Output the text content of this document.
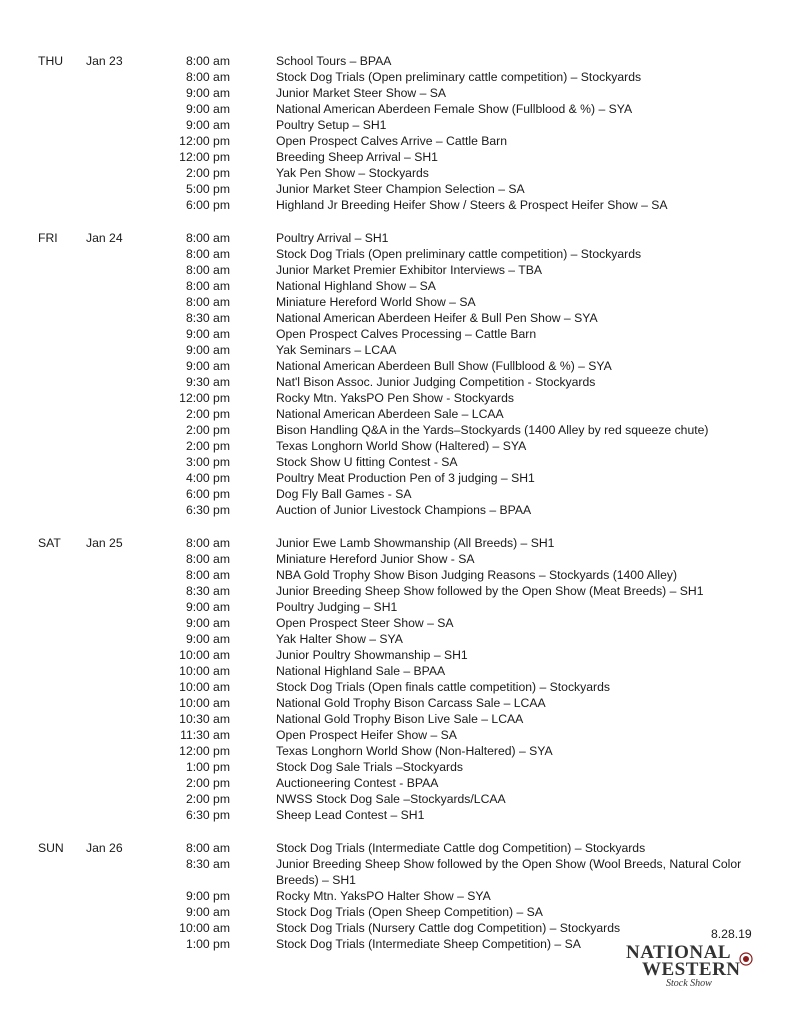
THU Jan 23	8:00 am	School Tours – BPAA
8:00 am	Stock Dog Trials (Open preliminary cattle competition) – Stockyards
9:00 am	Junior Market Steer Show – SA
9:00 am	National American Aberdeen Female Show (Fullblood & %) – SYA
9:00 am	Poultry Setup – SH1
12:00 pm	Open Prospect Calves Arrive – Cattle Barn
12:00 pm	Breeding Sheep Arrival – SH1
2:00 pm	Yak Pen Show – Stockyards
5:00 pm	Junior Market Steer Champion Selection – SA
6:00 pm	Highland Jr Breeding Heifer Show / Steers & Prospect Heifer Show – SA
FRI Jan 24	8:00 am	Poultry Arrival – SH1
8:00 am	Stock Dog Trials (Open preliminary cattle competition) – Stockyards
8:00 am	Junior Market Premier Exhibitor Interviews – TBA
8:00 am	National Highland Show – SA
8:00 am	Miniature Hereford World Show – SA
8:30 am	National American Aberdeen Heifer & Bull Pen Show – SYA
9:00 am	Open Prospect Calves Processing – Cattle Barn
9:00 am	Yak Seminars – LCAA
9:00 am	National American Aberdeen Bull Show (Fullblood & %) – SYA
9:30 am	Nat'l Bison Assoc. Junior Judging Competition - Stockyards
12:00 pm	Rocky Mtn. YaksPO Pen Show - Stockyards
2:00 pm	National American Aberdeen Sale – LCAA
2:00 pm	Bison Handling Q&A in the Yards–Stockyards (1400 Alley by red squeeze chute)
2:00 pm	Texas Longhorn World Show (Haltered) – SYA
3:00 pm	Stock Show U fitting Contest - SA
4:00 pm	Poultry Meat Production Pen of 3 judging – SH1
6:00 pm	Dog Fly Ball Games - SA
6:30 pm	Auction of Junior Livestock Champions – BPAA
SAT Jan 25	8:00 am	Junior Ewe Lamb Showmanship (All Breeds) – SH1
8:00 am	Miniature Hereford Junior Show - SA
8:00 am	NBA Gold Trophy Show Bison Judging Reasons – Stockyards (1400 Alley)
8:30 am	Junior Breeding Sheep Show followed by the Open Show (Meat Breeds) – SH1
9:00 am	Poultry Judging – SH1
9:00 am	Open Prospect Steer Show – SA
9:00 am	Yak Halter Show – SYA
10:00 am	Junior Poultry Showmanship – SH1
10:00 am	National Highland Sale – BPAA
10:00 am	Stock Dog Trials (Open finals cattle competition) – Stockyards
10:00 am	National Gold Trophy Bison Carcass Sale – LCAA
10:30 am	National Gold Trophy Bison Live Sale – LCAA
11:30 am	Open Prospect Heifer Show – SA
12:00 pm	Texas Longhorn World Show (Non-Haltered) – SYA
1:00 pm	Stock Dog Sale Trials –Stockyards
2:00 pm	Auctioneering Contest - BPAA
2:00 pm	NWSS Stock Dog Sale –Stockyards/LCAA
6:30 pm	Sheep Lead Contest – SH1
SUN Jan 26	8:00 am	Stock Dog Trials (Intermediate Cattle dog Competition) – Stockyards
8:30 am	Junior Breeding Sheep Show followed by the Open Show (Wool Breeds, Natural Color Breeds) – SH1
9:00 pm	Rocky Mtn. YaksPO Halter Show – SYA
9:00 am	Stock Dog Trials (Open Sheep Competition) – SA
10:00 am	Stock Dog Trials (Nursery Cattle dog Competition) – Stockyards
1:00 pm	Stock Dog Trials (Intermediate Sheep Competition) – SA
8.28.19
NATIONAL
WESTERN
Stock Show
